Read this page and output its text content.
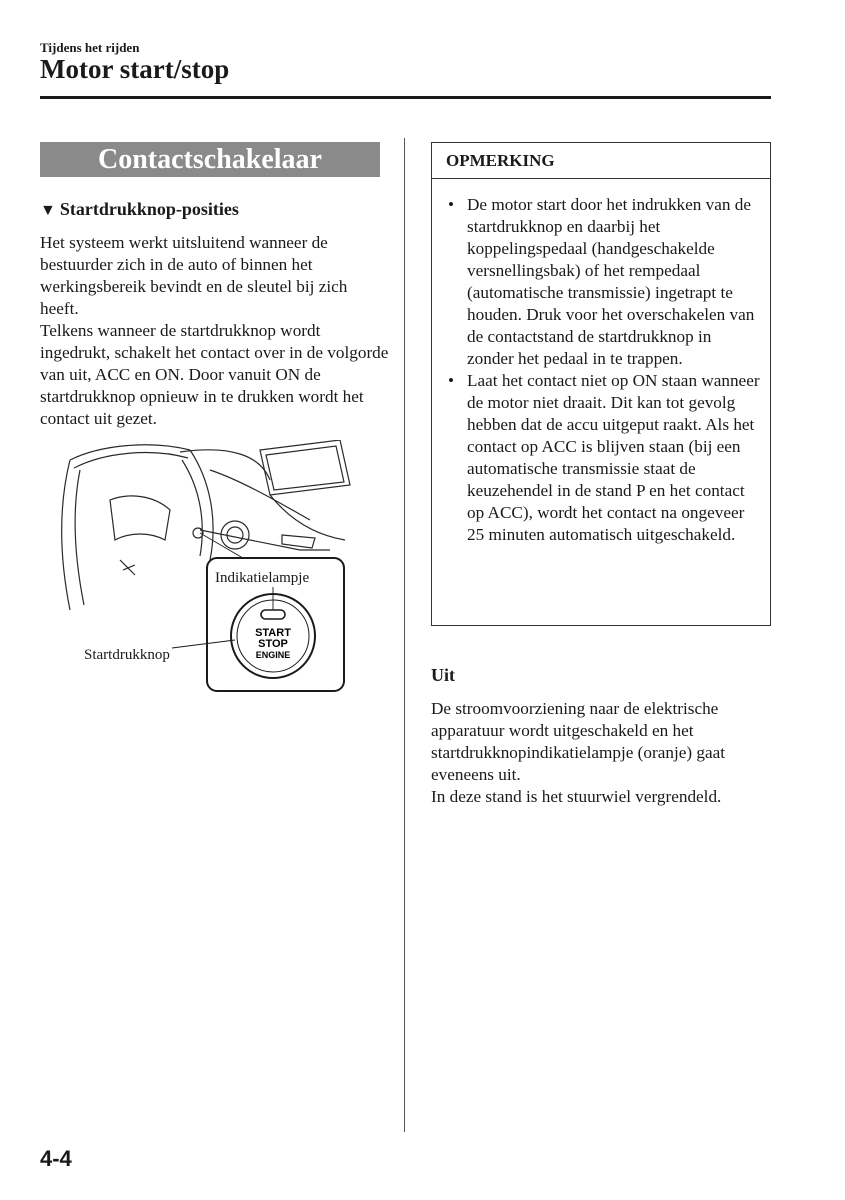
Tijdens het rijden
Motor start/stop
Contactschakelaar
▼ Startdrukknop-posities

Het systeem werkt uitsluitend wanneer de bestuurder zich in de auto of binnen het werkingsbereik bevindt en de sleutel bij zich heeft.

Telkens wanneer de startdrukknop wordt ingedrukt, schakelt het contact over in de volgorde van uit, ACC en ON. Door vanuit ON de startdrukknop opnieuw in te drukken wordt het contact uit gezet.

START
STOP
ENGINE
Indikatielampje
Startdrukknop
OPMERKING
• De motor start door het indrukken van de startdrukknop en daarbij het koppelingspedaal (handgeschakelde versnellingsbak) of het rempedaal (automatische transmissie) ingetrapt te houden. Druk voor het overschakelen van de contactstand de startdrukknop in zonder het pedaal in te trappen.
• Laat het contact niet op ON staan wanneer de motor niet draait. Dit kan tot gevolg hebben dat de accu uitgeput raakt. Als het contact op ACC is blijven staan (bij een automatische transmissie staat de keuzehendel in de stand P en het contact op ACC), wordt het contact na ongeveer 25 minuten automatisch uitgeschakeld.
Uit

De stroomvoorziening naar de elektrische apparatuur wordt uitgeschakeld en het startdrukknopindikatielampje (oranje) gaat eveneens uit.

In deze stand is het stuurwiel vergrendeld.

4-4
